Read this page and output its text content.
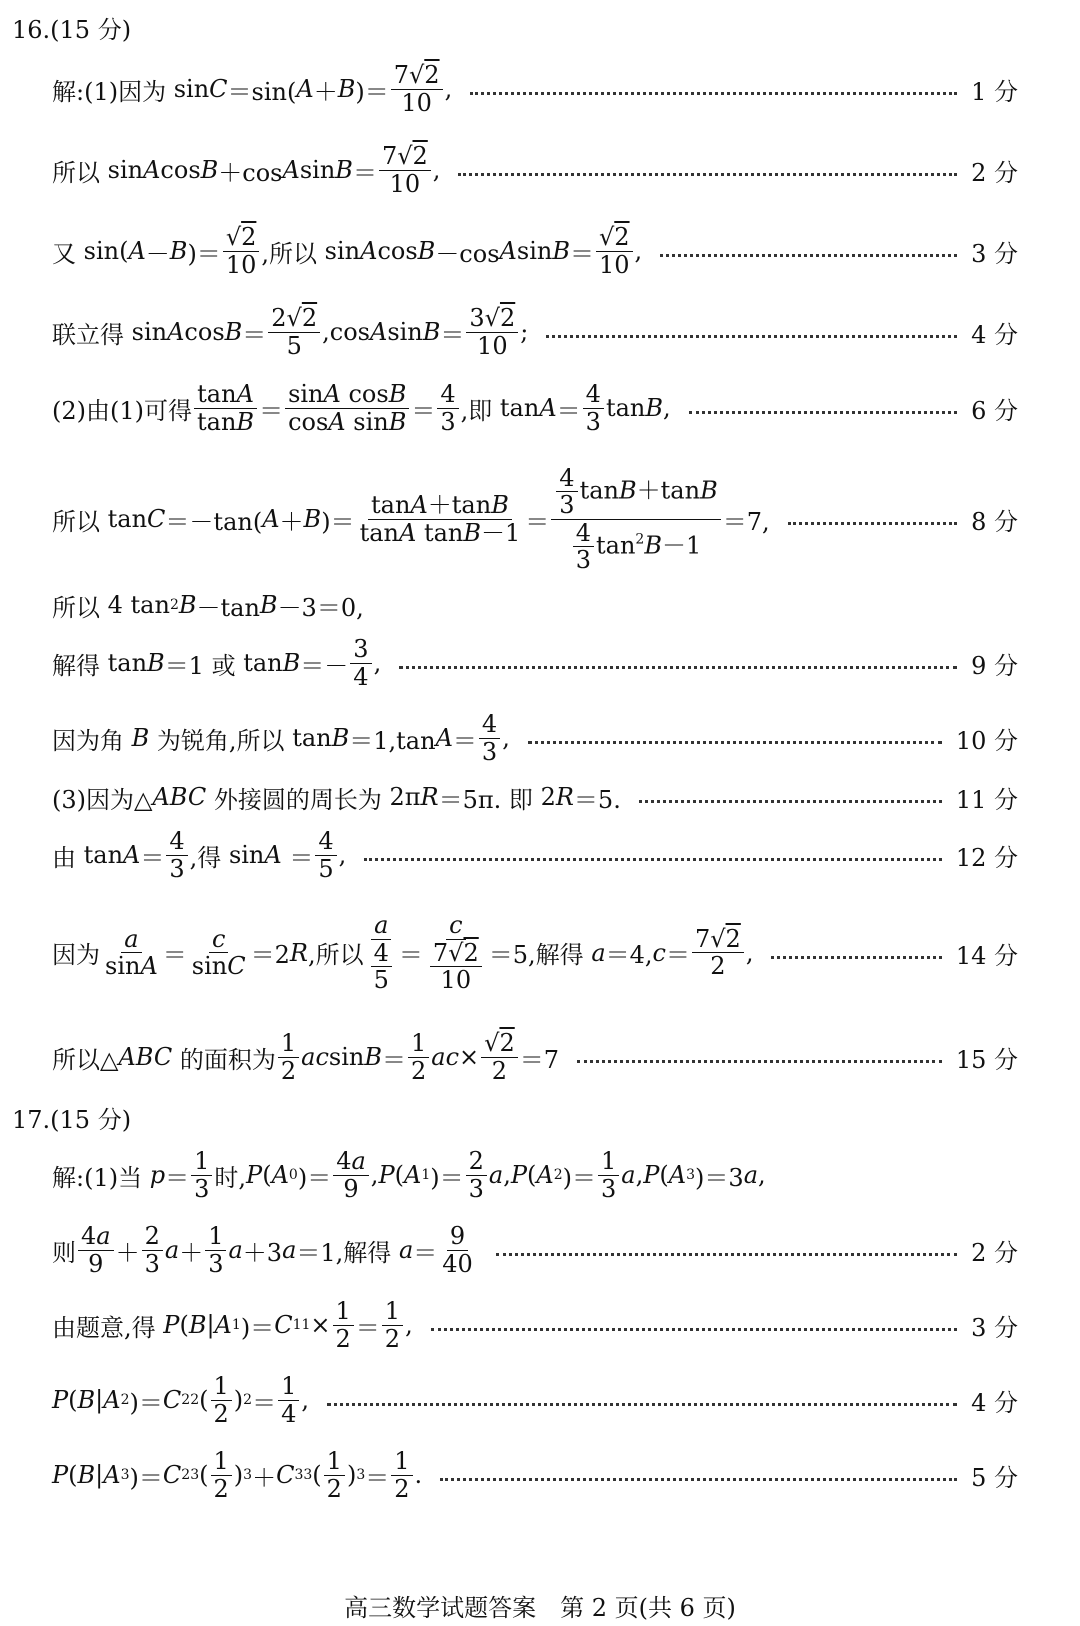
16.(15 分)
解:(1)因为 sin C ＝sin( A ＋ B )＝ $\frac{7√2}{10}$ ,	1 分
所以 sin A cos B ＋cos A $\sin B = \frac{7√2}{10}$ ,	2 分
又 sin( A － B )＝ $\frac{√2}{10}$ ,所以 sin A cos B －cos A $\sin B = \frac{√2}{10}$ ,	3 分
联立得 sin A $\cos B = \frac{2√2}{5} ,\cos$ A $\sin B = \frac{3√2}{10}$ ;	4 分
(2)由(1)可得 $\frac{\tan A}{\tan B} = \frac{\text{sinA cosB}}{\text{cosA sinB}} = \frac{4}{3}$ ,即 $\tan A = \frac{4}{3}$ tan B ,	6 分
所以 tan C ＝－tan( A ＋ B )＝ $\frac{\tan A+\tan B}{\text{tanA tanB－1}} = \frac{\frac{4}{3} \tan B+\tan B}{\frac{4}{3} \tan^2B-1} =7$,	8 分
所以 4 tan 2 B －tan B －3＝0,
解得 tan B ＝1 或 $\tan B =- \frac{3}{4}$ ,	9 分
因为角
B
为锐角,所以 tan B ＝1,tan $A = \frac{4}{3}$ ,	10 分
(3)因为△ ABC
外接圆的周长为 2π R ＝5π . 即 2 R ＝5.	11 分
由 $\tan A = \frac{4}{3}$ ,得 $\sin A = \frac{4}{5}$ ,	12 分
因为 $\frac{a}{\sin A} = \frac{c}{\sin C} =2$ R ,所以 $\frac{a}{\frac{4}{5}} = \frac{c}{\frac{7√2}{10}} =5$ ,解得
a ＝4, $c = \frac{7√2}{2}$ ,	14 分
所以△ ABC
的面积为 $\frac{1}{2}$ ac $\sin B = \frac{1}{2}$ ac × $\frac{√2}{2} =7$	15 分
17.(15 分)
解:(1)当
$p = \frac{1}{3}$ 时, P ( A 0 )＝ $\frac{4a}{9}$ , P ( A 1 )＝ $\frac{2}{3}$ a , P ( A 2 )＝ $\frac{1}{3}$ a , P ( A 3 )＝3 a ,
则 $\frac{4a}{9} + \frac{2}{3}$ $a + \frac{1}{3}$ a ＋3 a ＝1 ,解得
$a = \frac{9}{40}$	2 分
由题意,得
P ( B | A 1 )＝ C 1 $1 \times \frac{1}{2} = \frac{1}{2}$ ,	3 分
P ( B | A 2 )＝ C 2 2 ( $\frac{1}{2}$ ) $2 = \frac{1}{4}$ ,	4 分
P ( B | A 3 )＝ C 2 3 ( $\frac{1}{2}$ ) 3 ＋ C 3 3 ( $\frac{1}{2}$ ) $3 = \frac{1}{2}$ .	5 分
高三数学试题答案　第 2 页(共 6 页)
